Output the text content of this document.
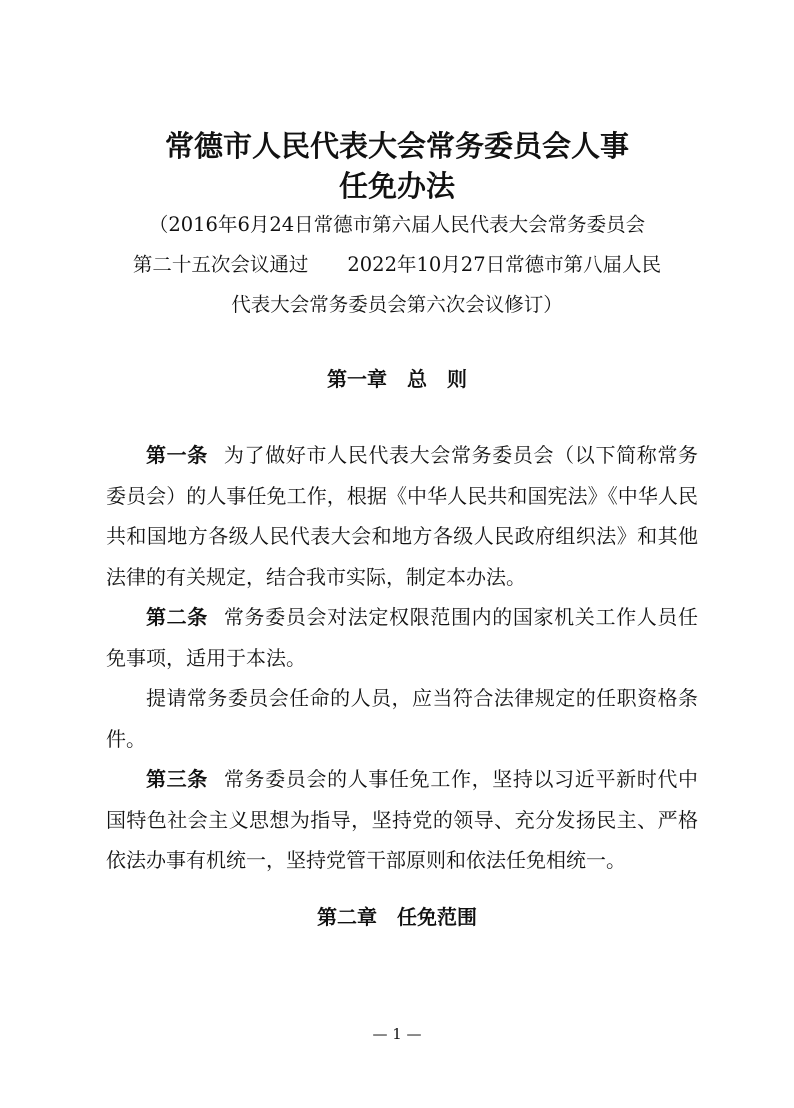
常德市人民代表大会常务委员会人事
任免办法
（2016年6月24日常德市第六届人民代表大会常务委员会
第二十五次会议通过　　2022年10月27日常德市第八届人民
代表大会常务委员会第六次会议修订）
第一章　总　则

第一条 为了做好市人民代表大会常务委员会（以下简称常务委员会）的人事任免工作，根据《中华人民共和国宪法》《中华人民共和国地方各级人民代表大会和地方各级人民政府组织法》和其他法律的有关规定，结合我市实际，制定本办法。

第二条 常务委员会对法定权限范围内的国家机关工作人员任免事项，适用于本法。

提请常务委员会任命的人员，应当符合法律规定的任职资格条件。

第三条 常务委员会的人事任免工作，坚持以习近平新时代中国特色社会主义思想为指导，坚持党的领导、充分发扬民主、严格依法办事有机统一，坚持党管干部原则和依法任免相统一。

第二章　任免范围
— 1 —
